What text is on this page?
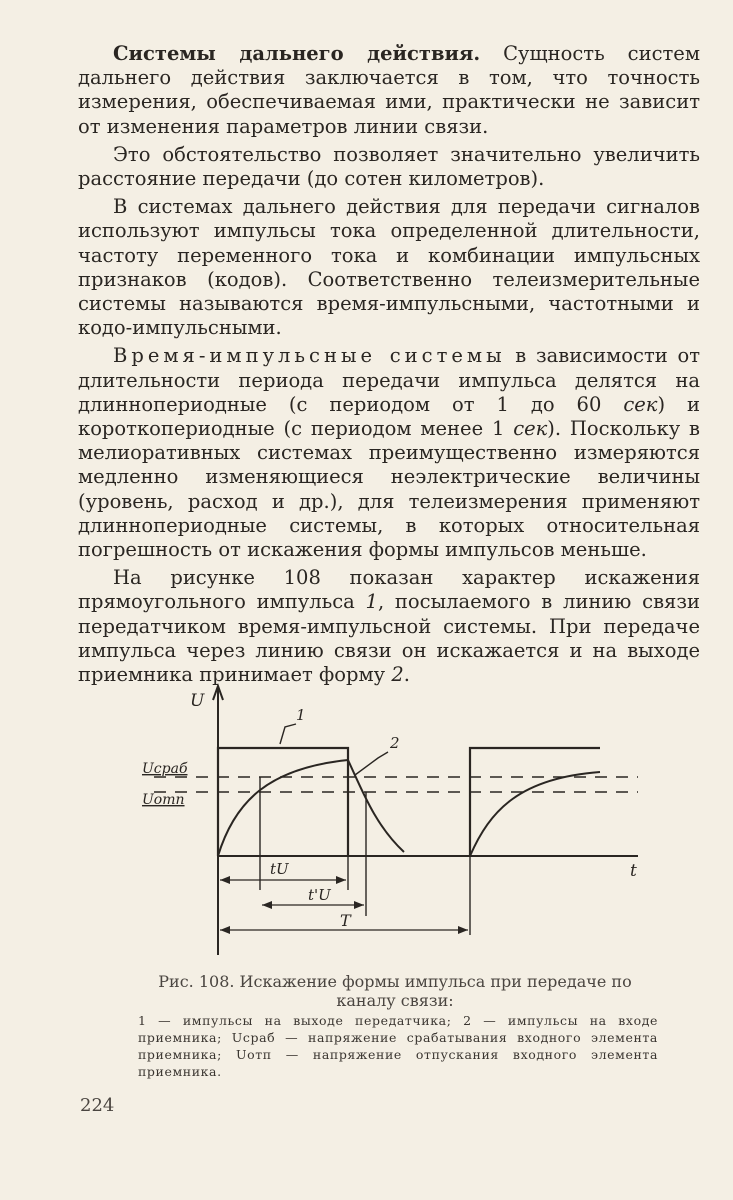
Системы дальнего действия. Сущность систем дальнего действия заключается в том, что точность измерения, обеспечиваемая ими, практически не зависит от изменения параметров линии связи.

Это обстоятельство позволяет значительно увеличить расстояние передачи (до сотен километров).

В системах дальнего действия для передачи сигналов используют импульсы тока определенной длительности, частоту переменного тока и комбинации импульсных признаков (кодов). Соответственно телеизмерительные системы называются время-импульсными, частотными и кодо-импульсными.

Время-импульсные системы в зависимости от длительности периода передачи импульса делятся на длиннопериодные (с периодом от 1 до 60 сек) и короткопериодные (с периодом менее 1 сек). Поскольку в мелиоративных системах преимущественно измеряются медленно изменяющиеся неэлектрические величины (уровень, расход и др.), для телеизмерения применяют длиннопериодные системы, в которых относительная погрешность от искажения формы импульсов меньше.

На рисунке 108 показан характер искажения прямоугольного импульса 1, посылаемого в линию связи передатчиком время-импульсной системы. При передаче импульса через линию связи он искажается и на выходе приемника принимает форму 2.

U
t
1
2
Uсраб
Uотп
tU
t'U
T
Рис. 108. Искажение формы импульса при передаче по каналу связи:
1 — импульсы на выходе передатчика; 2 — импульсы на входе приемника; Uсраб — напряжение срабатывания входного элемента приемника; Uотп — напряжение отпускания входного элемента приемника.
224
